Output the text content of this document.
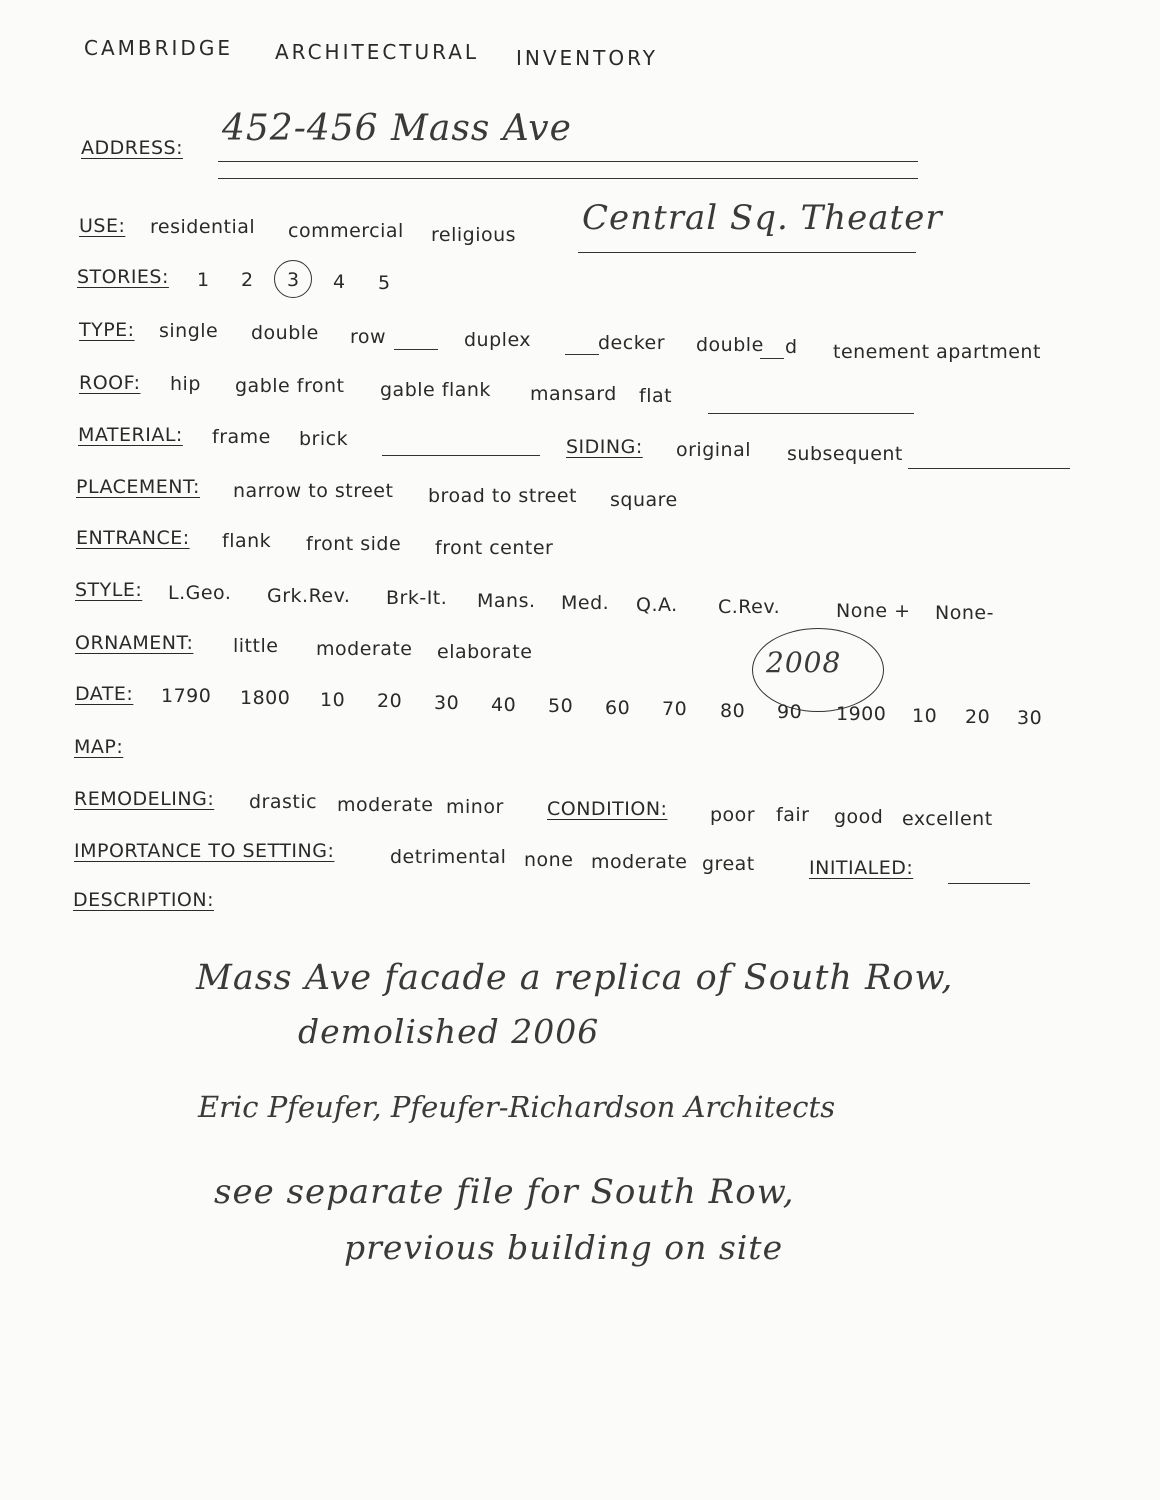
CAMBRIDGE ARCHITECTURAL INVENTORY
ADDRESS: 452-456 Mass Ave
USE: residential commercial religious Central Sq. Theater
STORIES: 1 2 3 4 5
TYPE: single double row	duplex	decker double d tenement apartment
ROOF: hip gable front gable flank mansard flat
MATERIAL: frame brick	SIDING: original subsequent
PLACEMENT: narrow to street broad to street square
ENTRANCE: flank front side front center
STYLE: L.Geo. Grk.Rev. Brk-It. Mans. Med. Q.A. C.Rev.	None + None-
ORNAMENT: little moderate elaborate	2008
DATE: 1790 1800 10 20 30 40 50 60 70 80 90 1900 10 20 30
MAP:
REMODELING: drastic moderate minor CONDITION: poor fair good excellent
IMPORTANCE TO SETTING:	detrimental none moderate great	INITIALED:
DESCRIPTION:
Mass Ave facade a replica of South Row,
demolished 2006
Eric Pfeufer, Pfeufer-Richardson Architects
see separate file for South Row,
previous building on site
